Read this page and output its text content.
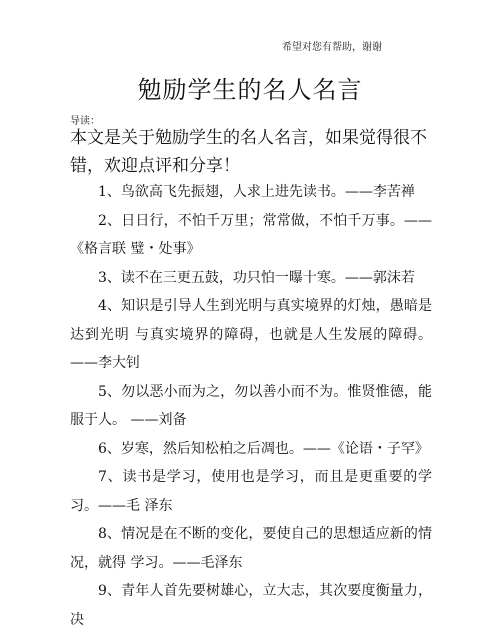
希望对您有帮助，谢谢
勉励学生的名人名言
导读：

本文是关于勉励学生的名人名言，如果觉得很不错，欢迎点评和分享！

1、鸟欲高飞先振翅，人求上进先读书。——李苦禅
2、日日行，不怕千万里；常常做，不怕千万事。——《格言联 璧・处事》
3、读不在三更五鼓，功只怕一曝十寒。——郭沫若
4、知识是引导人生到光明与真实境界的灯烛，愚暗是达到光明 与真实境界的障碍，也就是人生发展的障碍。——李大钊
5、勿以恶小而为之，勿以善小而不为。惟贤惟德，能服于人。 ——刘备
6、岁寒，然后知松柏之后凋也。——《论语・子罕》
7、读书是学习，使用也是学习，而且是更重要的学习。——毛 泽东
8、情况是在不断的变化，要使自己的思想适应新的情况，就得 学习。——毛泽东
9、青年人首先要树雄心，立大志，其次要度衡量力，决
